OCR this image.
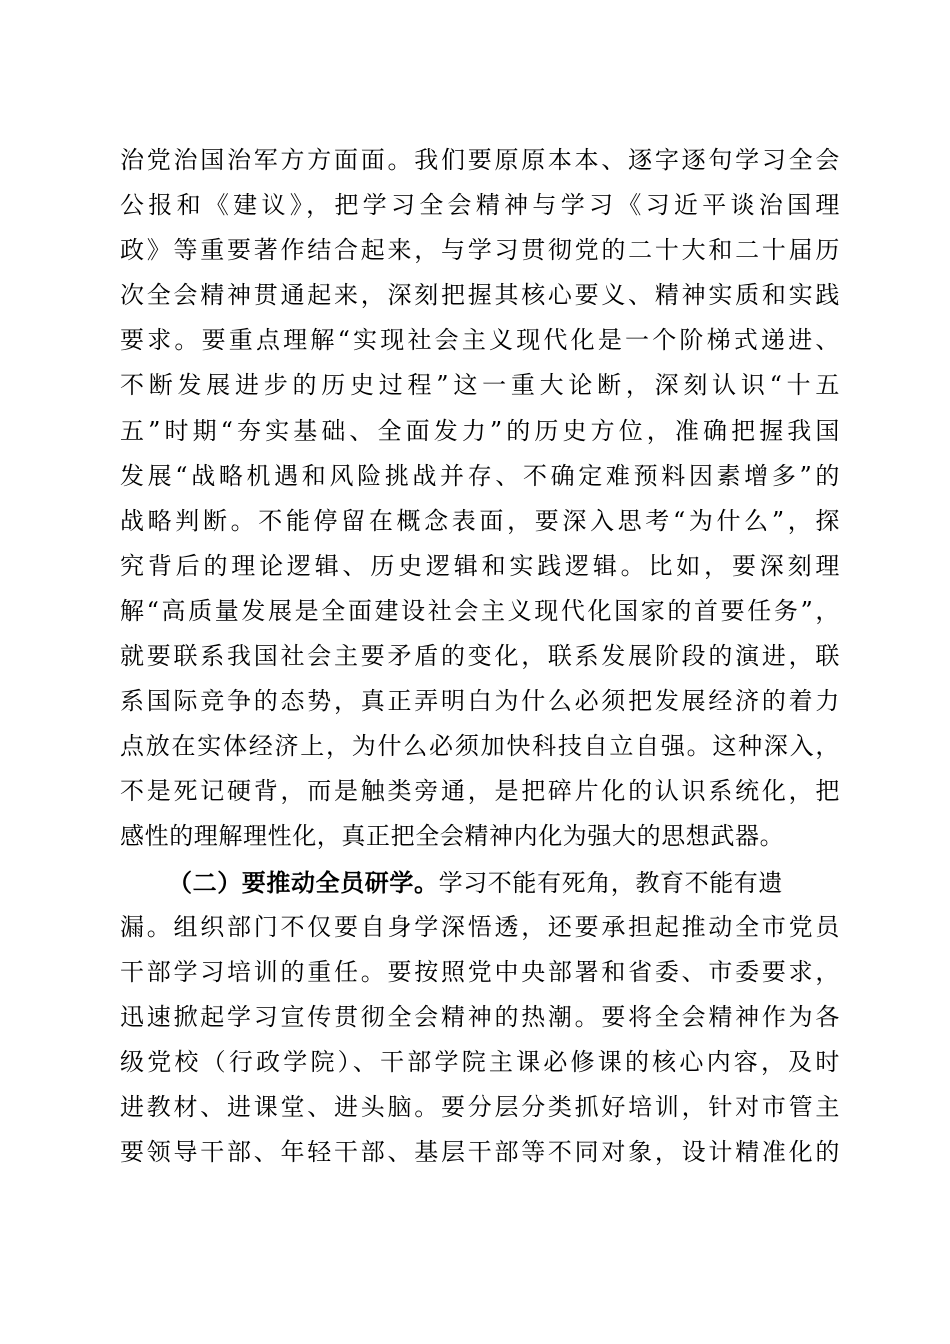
治党治国治军方方面面。我们要原原本本、逐字逐句学习全会
公报和《建议》，把学习全会精神与学习《习近平谈治国理
政》等重要著作结合起来，与学习贯彻党的二十大和二十届历
次全会精神贯通起来，深刻把握其核心要义、精神实质和实践
要求。要重点理解“实现社会主义现代化是一个阶梯式递进、
不断发展进步的历史过程”这一重大论断，深刻认识“十五
五”时期“夯实基础、全面发力”的历史方位，准确把握我国
发展“战略机遇和风险挑战并存、不确定难预料因素增多”的
战略判断。不能停留在概念表面，要深入思考“为什么”，探
究背后的理论逻辑、历史逻辑和实践逻辑。比如，要深刻理
解“高质量发展是全面建设社会主义现代化国家的首要任务”，
就要联系我国社会主要矛盾的变化，联系发展阶段的演进，联
系国际竞争的态势，真正弄明白为什么必须把发展经济的着力
点放在实体经济上，为什么必须加快科技自立自强。这种深入，
不是死记硬背，而是触类旁通，是把碎片化的认识系统化，把
感性的理解理性化，真正把全会精神内化为强大的思想武器。
（二）要推动全员研学。学习不能有死角，教育不能有遗
漏。组织部门不仅要自身学深悟透，还要承担起推动全市党员
干部学习培训的重任。要按照党中央部署和省委、市委要求，
迅速掀起学习宣传贯彻全会精神的热潮。要将全会精神作为各
级党校（行政学院）、干部学院主课必修课的核心内容，及时
进教材、进课堂、进头脑。要分层分类抓好培训，针对市管主
要领导干部、年轻干部、基层干部等不同对象，设计精准化的
